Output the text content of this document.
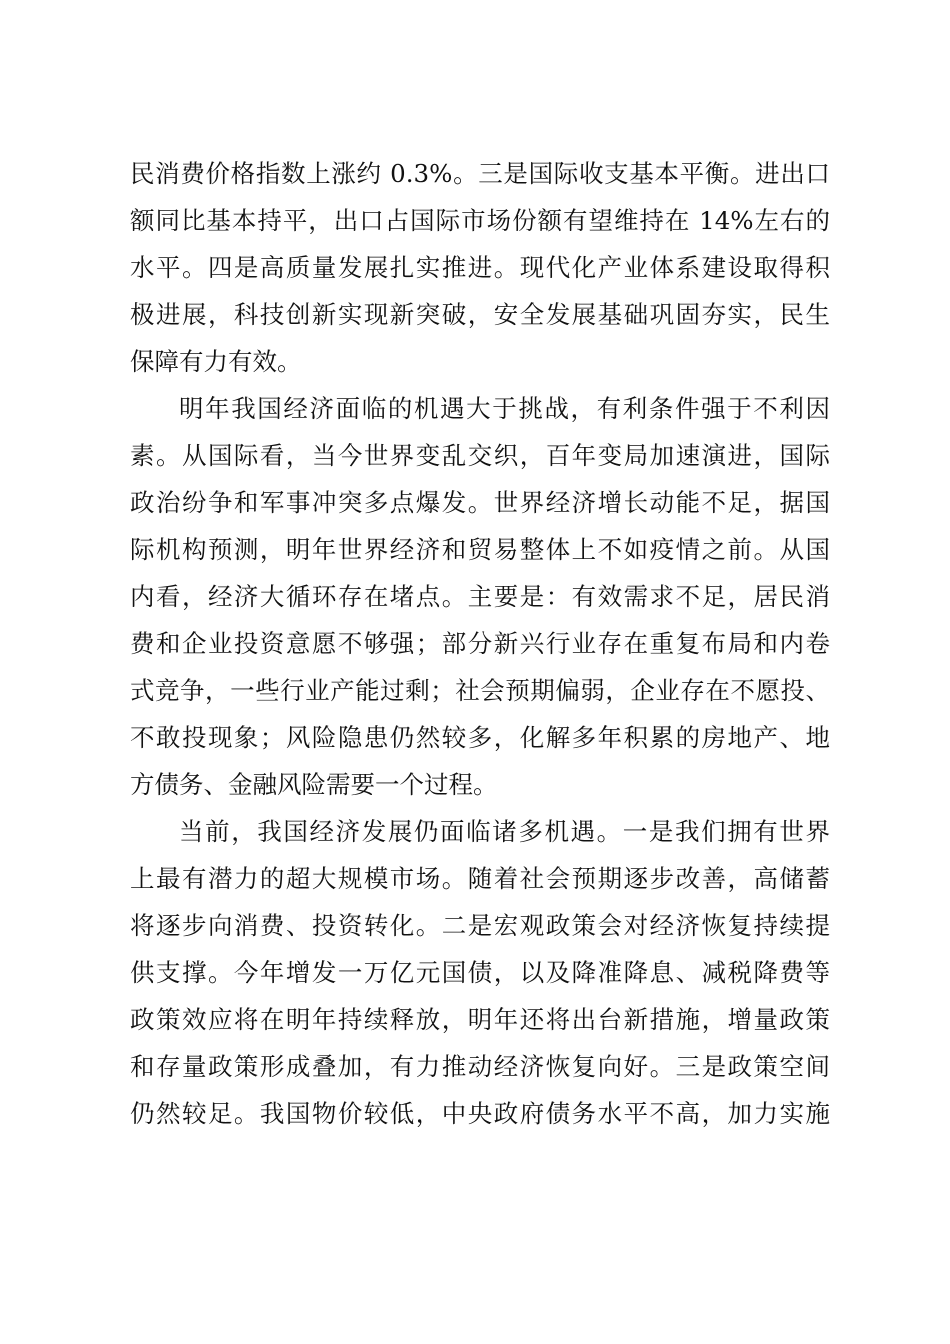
民消费价格指数上涨约 0.3%。三是国际收支基本平衡。进出口
额同比基本持平，出口占国际市场份额有望维持在 14%左右的
水平。四是高质量发展扎实推进。现代化产业体系建设取得积
极进展，科技创新实现新突破，安全发展基础巩固夯实，民生
保障有力有效。
明年我国经济面临的机遇大于挑战，有利条件强于不利因
素。从国际看，当今世界变乱交织，百年变局加速演进，国际
政治纷争和军事冲突多点爆发。世界经济增长动能不足，据国
际机构预测，明年世界经济和贸易整体上不如疫情之前。从国
内看，经济大循环存在堵点。主要是：有效需求不足，居民消
费和企业投资意愿不够强；部分新兴行业存在重复布局和内卷
式竞争，一些行业产能过剩；社会预期偏弱，企业存在不愿投、
不敢投现象；风险隐患仍然较多，化解多年积累的房地产、地
方债务、金融风险需要一个过程。
当前，我国经济发展仍面临诸多机遇。一是我们拥有世界
上最有潜力的超大规模市场。随着社会预期逐步改善，高储蓄
将逐步向消费、投资转化。二是宏观政策会对经济恢复持续提
供支撑。今年增发一万亿元国债，以及降准降息、减税降费等
政策效应将在明年持续释放，明年还将出台新措施，增量政策
和存量政策形成叠加，有力推动经济恢复向好。三是政策空间
仍然较足。我国物价较低，中央政府债务水平不高，加力实施
